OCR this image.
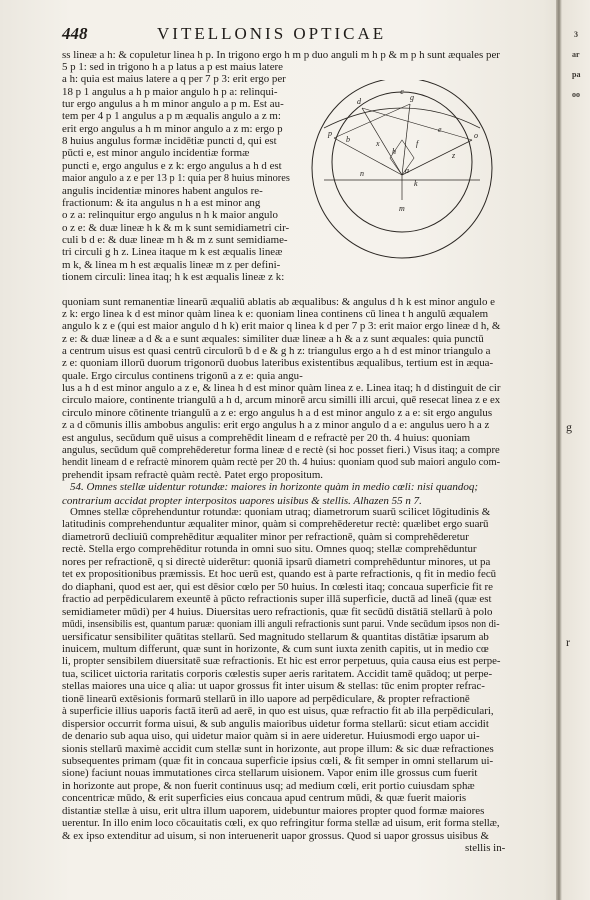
3
ar
pa
oo
448	VITELLONIS OPTICAE
c
d	g
p
b	x
h
f
e
o
z
a
k
m
n
ss lineæ a h: & copuletur linea h p. In trigono ergo h m p duo anguli m h p & m p h sunt æquales per
5 p 1: sed in trigono h a p latus a p est maius latere
a h: quia est maius latere a q per 7 p 3: erit ergo per
18 p 1 angulus a h p maior angulo h p a: relinqui-
tur ergo angulus a h m minor angulo a p m. Est au-
tem per 4 p 1 angulus a p m æqualis angulo a z m:
erit ergo angulus a h m minor angulo a z m: ergo p
8 huius angulus formæ incidētiæ puncti d, qui est
pūcti e, est minor angulo incidentiæ formæ
puncti e, ergo angulus e z k: ergo angulus a h d est
maior angulo a z e per 13 p 1: quia per 8 huius minores
angulis incidentiæ minores habent angulos re-
fractionum: & ita angulus n h a est minor ang
o z a: relinquitur ergo angulus n h k maior angulo
o z e: & duæ lineæ h k & m k sunt semidiametri cir-
culi b d e: & duæ lineæ m h & m z sunt semidiame-
tri circuli g h z. Linea itaque m k est æqualis lineæ
m k, & linea m h est æqualis lineæ m z per defini-
tionem circuli: linea itaq; h k est æqualis lineæ z k:
quoniam sunt remanentiæ linearū æqualiū ablatis ab æqualibus: & angulus d h k est minor angulo e
z k: ergo linea k d est minor quàm linea k e: quoniam linea continens cū linea t h angulū æqualem
angulo k z e (qui est maior angulo d h k) erit maior q linea k d per 7 p 3: erit maior ergo lineæ d h, &
z e: & duæ lineæ a d & a e sunt æquales: similiter duæ lineæ a h & a z sunt æquales: quia punctū
a centrum uisus est quasi centrū circulorū b d e & g h z: triangulus ergo a h d est minor triangulo a
z e: quoniam illorū duorum trigonorū duobus lateribus existentibus æqualibus, tertium est in æqua-
quale. Ergo circulus continens trigonū a z e: quia angu-
lus a h d est minor angulo a z e, & linea h d est minor quàm linea z e. Linea itaq; h d distinguit de cir
circulo maiore, continente triangulū a h d, arcum minorē arcu similli illi arcui, quē resecat linea z e ex
circulo minore cōtinente triangulū a z e: ergo angulus h a d est minor angulo z a e: sit ergo angulus
z a d cōmunis illis ambobus angulis: erit ergo angulus h a z minor angulo d a e: angulus uero h a z
est angulus, secūdum quē uisus a comprehēdit lineam d e refractè per 20 th. 4 huius: quoniam
angulus, secūdum quē comprehēderetur forma lineæ d e rectè (si hoc posset fieri.) Visus itaq; a compre
hendit lineam d e refractè minorem quàm rectè per 20 th. 4 huius: quoniam quod sub maiori angulo com-
prehendit ipsam refractè quàm rectè. Patet ergo propositum.
54. Omnes stellæ uidentur rotundæ: maiores in horizonte quàm in medio cœli: nisi quandoq;
contrarium accidat propter interpositos uapores uisibus & stellis. Alhazen 55 n 7.
Omnes stellæ cōprehenduntur rotundæ: quoniam utraq; diametrorum suarū scilicet lōgitudinis &
latitudinis comprehenduntur æqualiter minor, quàm si comprehēderetur rectè: quælibet ergo suarū
diametrorū decliuiū comprehēditur æqualiter minor per refractionē, quàm si comprehēderetur
rectè. Stella ergo comprehēditur rotunda in omni suo situ. Omnes quoq; stellæ comprehēduntur
nores per refractionē, q si directè uiderētur: quoniā ipsarū diametri comprehēduntur minores, ut pa
tet ex propositionibus præmissis. Et hoc uerū est, quando est à parte refractionis, q fit in medio fecū
do diaphani, quod est aer, qui est dēsior cœlo per 50 huius. In cœlesti itaq; concaua superficie fit re
fractio ad perpēdicularem exeuntē à pūcto refractionis super illā superficie, ductā ad lineā (quæ est
semidiameter mūdi) per 4 huius. Diuersitas uero refractionis, quæ fit secūdū distātiā stellarū à polo
mūdi, insensibilis est, quantum paruæ: quoniam illi anguli refractionis sunt parui. Vnde secūdum ipsos non di-
uersificatur sensibiliter quātitas stellarū. Sed magnitudo stellarum & quantitas distātiæ ipsarum ab
inuicem, multum differunt, quæ sunt in horizonte, & cum sunt iuxta zenith capitis, ut in medio cœ
li, propter sensibilem diuersitatē suæ refractionis. Et hic est error perpetuus, quia causa eius est perpe-
tua, scilicet uictoria raritatis corporis cœlestis super aeris raritatem. Accidit tamē quādoq; ut perpe-
stellas maiores una uice q alia: ut uapor grossus fit inter uisum & stellas: tūc enim propter refrac-
tionē linearū extēsionis formarū stellarū in illo uapore ad perpēdiculare, & propter refractionē
à superficie illius uaporis factā iterū ad aerē, in quo est uisus, quæ refractio fit ab illa perpēdiculari,
dispersior occurrit forma uisui, & sub angulis maioribus uidetur forma stellarū: sicut etiam accidit
de denario sub aqua uiso, qui uidetur maior quàm si in aere uideretur. Huiusmodi ergo uapor ui-
sionis stellarū maximè accidit cum stellæ sunt in horizonte, aut prope illum: & sic duæ refractiones
subsequentes primam (quæ fit in concaua superficie ipsius cœli, & fit semper in omni stellarum ui-
sione) faciunt nouas immutationes circa stellarum uisionem. Vapor enim ille grossus cum fuerit
in horizonte aut prope, & non fuerit continuus usq; ad medium cœli, erit portio cuiusdam sphæ
concentricæ mūdo, & erit superficies eius concaua apud centrum mūdi, & quæ fuerit maioris
distantiæ stellæ à uisu, erit ultra illum uaporem, uidebuntur maiores propter quod formæ maiores
uerentur. In illo enim loco cōcauitatis cœli, ex quo refringitur forma stellæ ad uisum, erit forma stellæ,
& ex ipso extenditur ad uisum, si non interuenerit uapor grossus. Quod si uapor grossus uisibus &
stellis in-
g
r
